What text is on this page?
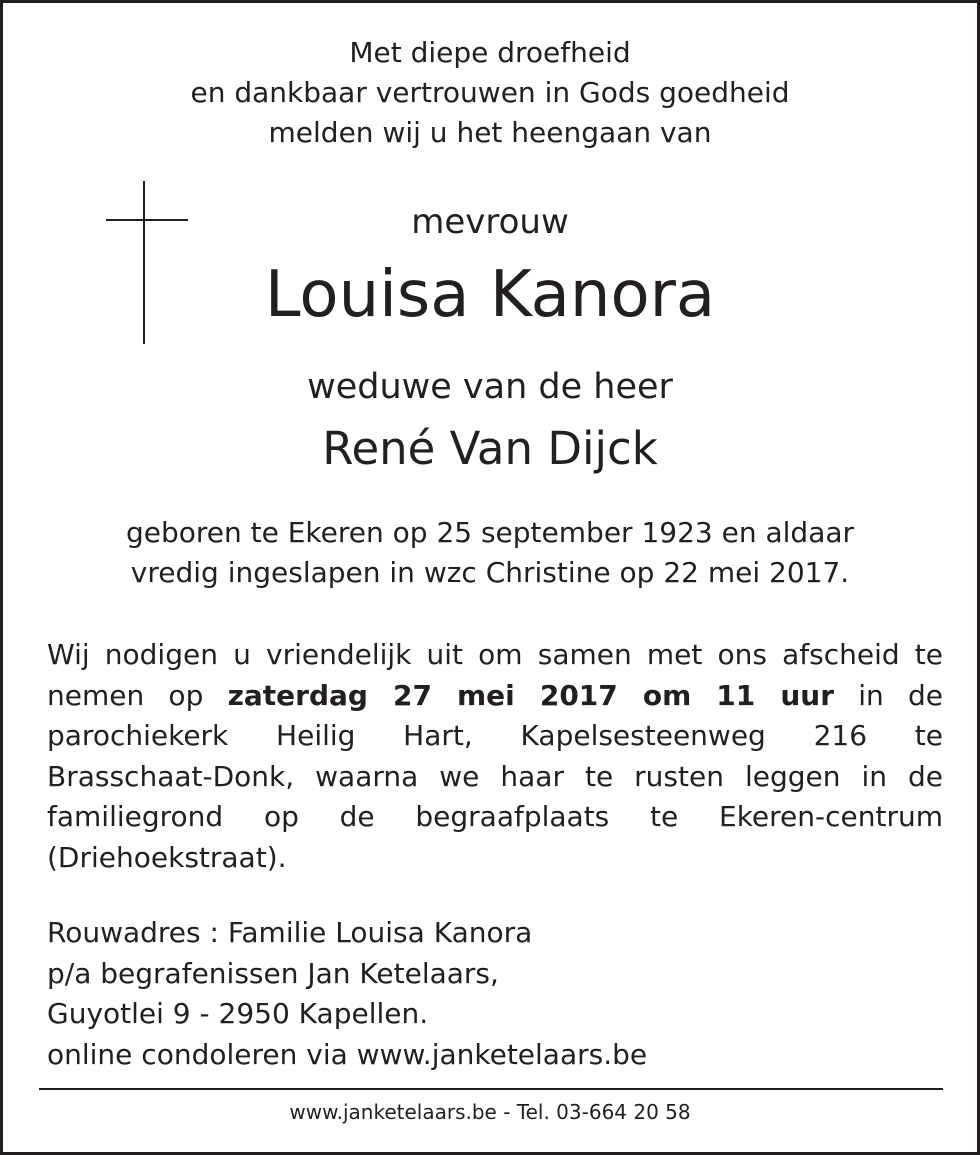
Met diepe droefheid
en dankbaar vertrouwen in Gods goedheid
melden wij u het heengaan van
mevrouw
Louisa Kanora
weduwe van de heer
René Van Dijck
geboren te Ekeren op 25 september 1923 en aldaar
vredig ingeslapen in wzc Christine op 22 mei 2017.
Wij nodigen u vriendelijk uit om samen met ons afscheid te
nemen op zaterdag 27 mei 2017 om 11 uur in de
parochiekerk Heilig Hart, Kapelsesteenweg 216 te
Brasschaat-Donk, waarna we haar te rusten leggen in de
familiegrond op de begraafplaats te Ekeren-centrum
(Driehoekstraat).
Rouwadres : Familie Louisa Kanora
p/a begrafenissen Jan Ketelaars,
Guyotlei 9 - 2950 Kapellen.
online condoleren via www.janketelaars.be
www.janketelaars.be - Tel. 03-664 20 58
